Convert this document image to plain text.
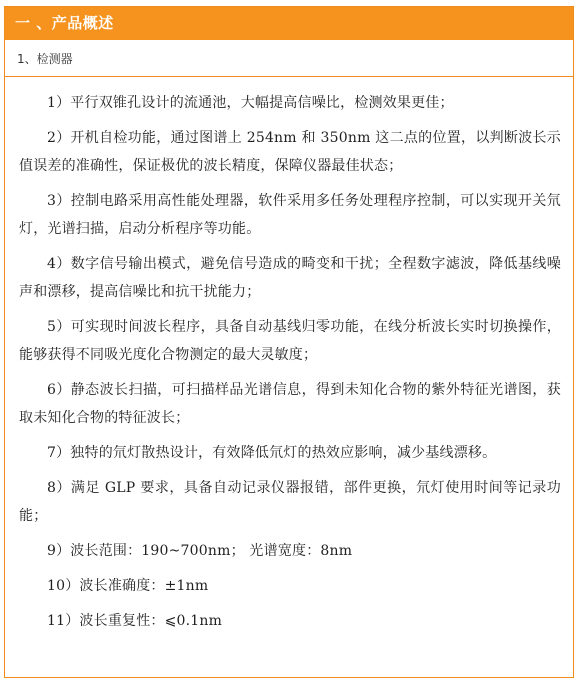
一 、产品概述
1、检测器

1）平行双锥孔设计的流通池，大幅提高信噪比，检测效果更佳；

2）开机自检功能，通过图谱上 254nm 和 350nm 这二点的位置，以判断波长示值误差的准确性，保证极优的波长精度，保障仪器最佳状态；

3）控制电路采用高性能处理器，软件采用多任务处理程序控制，可以实现开关氘灯，光谱扫描，启动分析程序等功能。

4）数字信号输出模式，避免信号造成的畸变和干扰；全程数字滤波，降低基线噪声和漂移，提高信噪比和抗干扰能力；

5）可实现时间波长程序，具备自动基线归零功能，在线分析波长实时切换操作，能够获得不同吸光度化合物测定的最大灵敏度；

6）静态波长扫描，可扫描样品光谱信息，得到未知化合物的紫外特征光谱图，获取未知化合物的特征波长；

7）独特的氘灯散热设计，有效降低氘灯的热效应影响，减少基线漂移。

8）满足 GLP 要求，具备自动记录仪器报错，部件更换，氘灯使用时间等记录功能；

9）波长范围：190~700nm； 光谱宽度：8nm

10）波长准确度：±1nm

11）波长重复性：⩽0.1nm
